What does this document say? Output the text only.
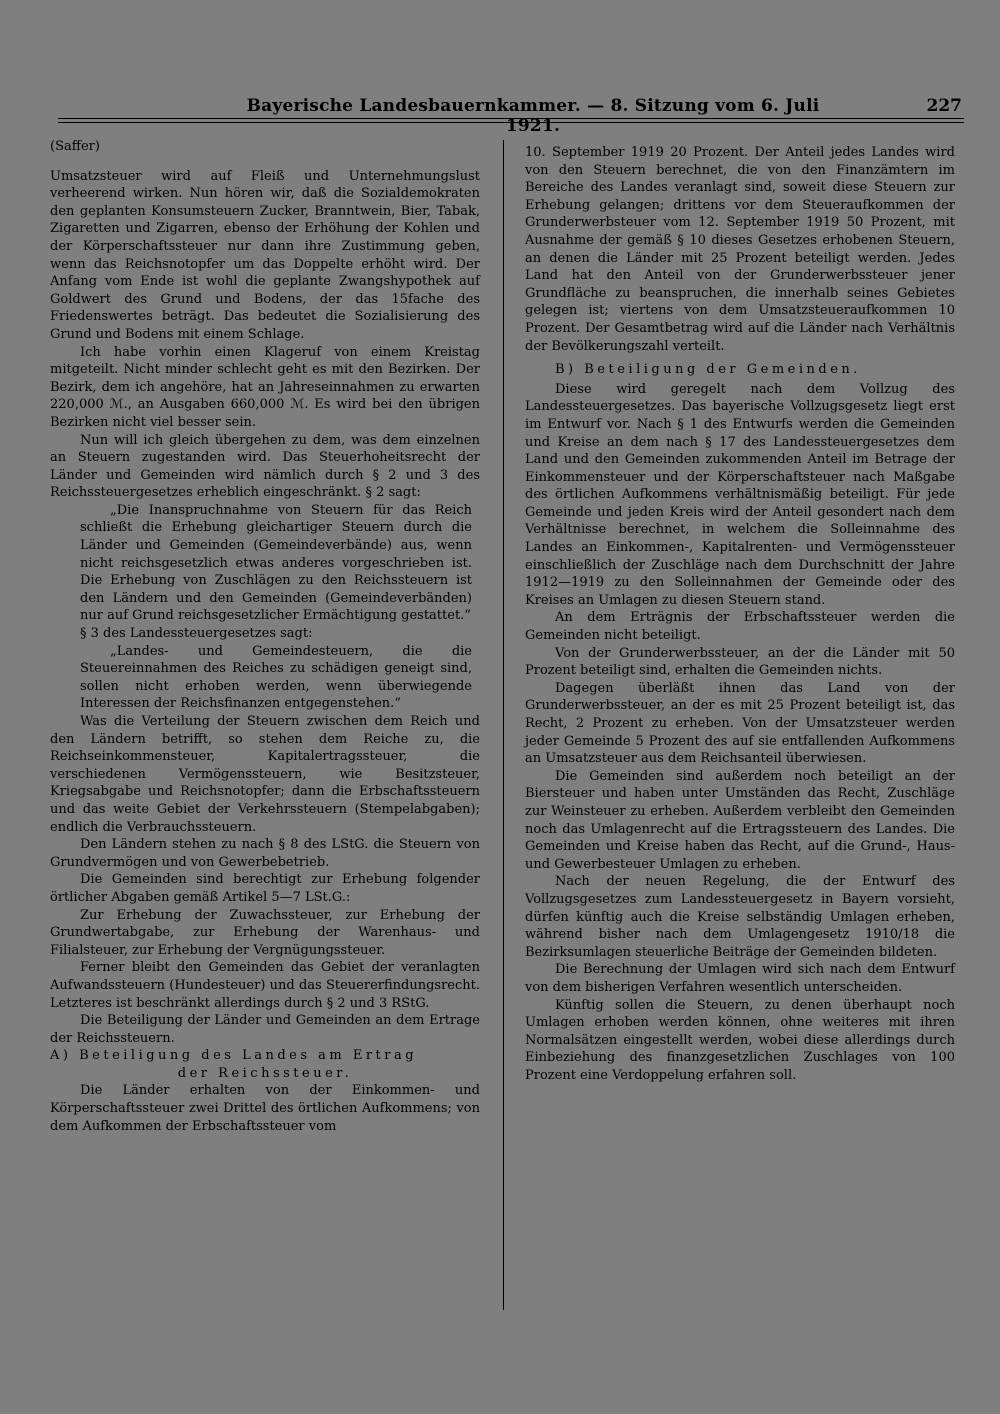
Bayerische Landesbauernkammer. — 8. Sitzung vom 6. Juli 1921.
227

(Saffer)

Umsatzsteuer wird auf Fleiß und Unternehmungslust verheerend wirken. Nun hören wir, daß die Sozialdemokraten den geplanten Konsumsteuern Zucker, Branntwein, Bier, Tabak, Zigaretten und Zigarren, ebenso der Erhöhung der Kohlen und der Körperschaftssteuer nur dann ihre Zustimmung geben, wenn das Reichsnotopfer um das Doppelte erhöht wird. Der Anfang vom Ende ist wohl die geplante Zwangshypothek auf Goldwert des Grund und Bodens, der das 15fache des Friedenswertes beträgt. Das bedeutet die Sozialisierung des Grund und Bodens mit einem Schlage.

Ich habe vorhin einen Klageruf von einem Kreistag mitgeteilt. Nicht minder schlecht geht es mit den Bezirken. Der Bezirk, dem ich angehöre, hat an Jahreseinnahmen zu erwarten 220,000 ℳ., an Ausgaben 660,000 ℳ. Es wird bei den übrigen Bezirken nicht viel besser sein.

Nun will ich gleich übergehen zu dem, was dem einzelnen an Steuern zugestanden wird. Das Steuerhoheitsrecht der Länder und Gemeinden wird nämlich durch § 2 und 3 des Reichssteuergesetzes erheblich eingeschränkt. § 2 sagt:

„Die Inanspruchnahme von Steuern für das Reich schließt die Erhebung gleichartiger Steuern durch die Länder und Gemeinden (Gemeindeverbände) aus, wenn nicht reichsgesetzlich etwas anderes vorgeschrieben ist. Die Erhebung von Zuschlägen zu den Reichssteuern ist den Ländern und den Gemeinden (Gemeindeverbänden) nur auf Grund reichsgesetzlicher Ermächtigung gestattet.“

§ 3 des Landessteuergesetzes sagt:

„Landes- und Gemeindesteuern, die die Steuereinnahmen des Reiches zu schädigen geneigt sind, sollen nicht erhoben werden, wenn überwiegende Interessen der Reichsfinanzen entgegenstehen.“

Was die Verteilung der Steuern zwischen dem Reich und den Ländern betrifft, so stehen dem Reiche zu, die Reichseinkommensteuer, Kapitalertragssteuer, die verschiedenen Vermögenssteuern, wie Besitzsteuer, Kriegsabgabe und Reichsnotopfer; dann die Erbschaftssteuern und das weite Gebiet der Verkehrssteuern (Stempelabgaben); endlich die Verbrauchssteuern.

Den Ländern stehen zu nach § 8 des LStG. die Steuern von Grundvermögen und von Gewerbebetrieb.

Die Gemeinden sind berechtigt zur Erhebung folgender örtlicher Abgaben gemäß Artikel 5—7 LSt.G.:

Zur Erhebung der Zuwachssteuer, zur Erhebung der Grundwertabgabe, zur Erhebung der Warenhaus- und Filialsteuer, zur Erhebung der Vergnügungssteuer.

Ferner bleibt den Gemeinden das Gebiet der veranlagten Aufwandssteuern (Hundesteuer) und das Steuererfindungsrecht. Letzteres ist beschränkt allerdings durch § 2 und 3 RStG.

Die Beteiligung der Länder und Gemeinden an dem Ertrage der Reichssteuern.

A) Beteiligung des Landes am Ertrag

der Reichssteuer.

Die Länder erhalten von der Einkommen- und Körperschaftssteuer zwei Drittel des örtlichen Aufkommens; von dem Aufkommen der Erbschaftssteuer vom

10. September 1919 20 Prozent. Der Anteil jedes Landes wird von den Steuern berechnet, die von den Finanzämtern im Bereiche des Landes veranlagt sind, soweit diese Steuern zur Erhebung gelangen; drittens vor dem Steueraufkommen der Grunderwerbsteuer vom 12. September 1919 50 Prozent, mit Ausnahme der gemäß § 10 dieses Gesetzes erhobenen Steuern, an denen die Länder mit 25 Prozent beteiligt werden. Jedes Land hat den Anteil von der Grunderwerbssteuer jener Grundfläche zu beanspruchen, die innerhalb seines Gebietes gelegen ist; viertens von dem Umsatzsteueraufkommen 10 Prozent. Der Gesamtbetrag wird auf die Länder nach Verhältnis der Bevölkerungszahl verteilt.

B) Beteiligung der Gemeinden.

Diese wird geregelt nach dem Vollzug des Landessteuergesetzes. Das bayerische Vollzugsgesetz liegt erst im Entwurf vor. Nach § 1 des Entwurfs werden die Gemeinden und Kreise an dem nach § 17 des Landessteuergesetzes dem Land und den Gemeinden zukommenden Anteil im Betrage der Einkommensteuer und der Körperschaftsteuer nach Maßgabe des örtlichen Aufkommens verhältnismäßig beteiligt. Für jede Gemeinde und jeden Kreis wird der Anteil gesondert nach dem Verhältnisse berechnet, in welchem die Solleinnahme des Landes an Einkommen-, Kapitalrenten- und Vermögenssteuer einschließlich der Zuschläge nach dem Durchschnitt der Jahre 1912—1919 zu den Solleinnahmen der Gemeinde oder des Kreises an Umlagen zu diesen Steuern stand.

An dem Erträgnis der Erbschaftssteuer werden die Gemeinden nicht beteiligt.

Von der Grunderwerbssteuer, an der die Länder mit 50 Prozent beteiligt sind, erhalten die Gemeinden nichts.

Dagegen überläßt ihnen das Land von der Grunderwerbssteuer, an der es mit 25 Prozent beteiligt ist, das Recht, 2 Prozent zu erheben. Von der Umsatzsteuer werden jeder Gemeinde 5 Prozent des auf sie entfallenden Aufkommens an Umsatzsteuer aus dem Reichsanteil überwiesen.

Die Gemeinden sind außerdem noch beteiligt an der Biersteuer und haben unter Umständen das Recht, Zuschläge zur Weinsteuer zu erheben. Außerdem verbleibt den Gemeinden noch das Umlagenrecht auf die Ertragssteuern des Landes. Die Gemeinden und Kreise haben das Recht, auf die Grund-, Haus- und Gewerbesteuer Umlagen zu erheben.

Nach der neuen Regelung, die der Entwurf des Vollzugsgesetzes zum Landessteuergesetz in Bayern vorsieht, dürfen künftig auch die Kreise selbständig Umlagen erheben, während bisher nach dem Umlagengesetz 1910/18 die Bezirksumlagen steuerliche Beiträge der Gemeinden bildeten.

Die Berechnung der Umlagen wird sich nach dem Entwurf von dem bisherigen Verfahren wesentlich unterscheiden.

Künftig sollen die Steuern, zu denen überhaupt noch Umlagen erhoben werden können, ohne weiteres mit ihren Normalsätzen eingestellt werden, wobei diese allerdings durch Einbeziehung des finanzgesetzlichen Zuschlages von 100 Prozent eine Verdoppelung erfahren soll.
